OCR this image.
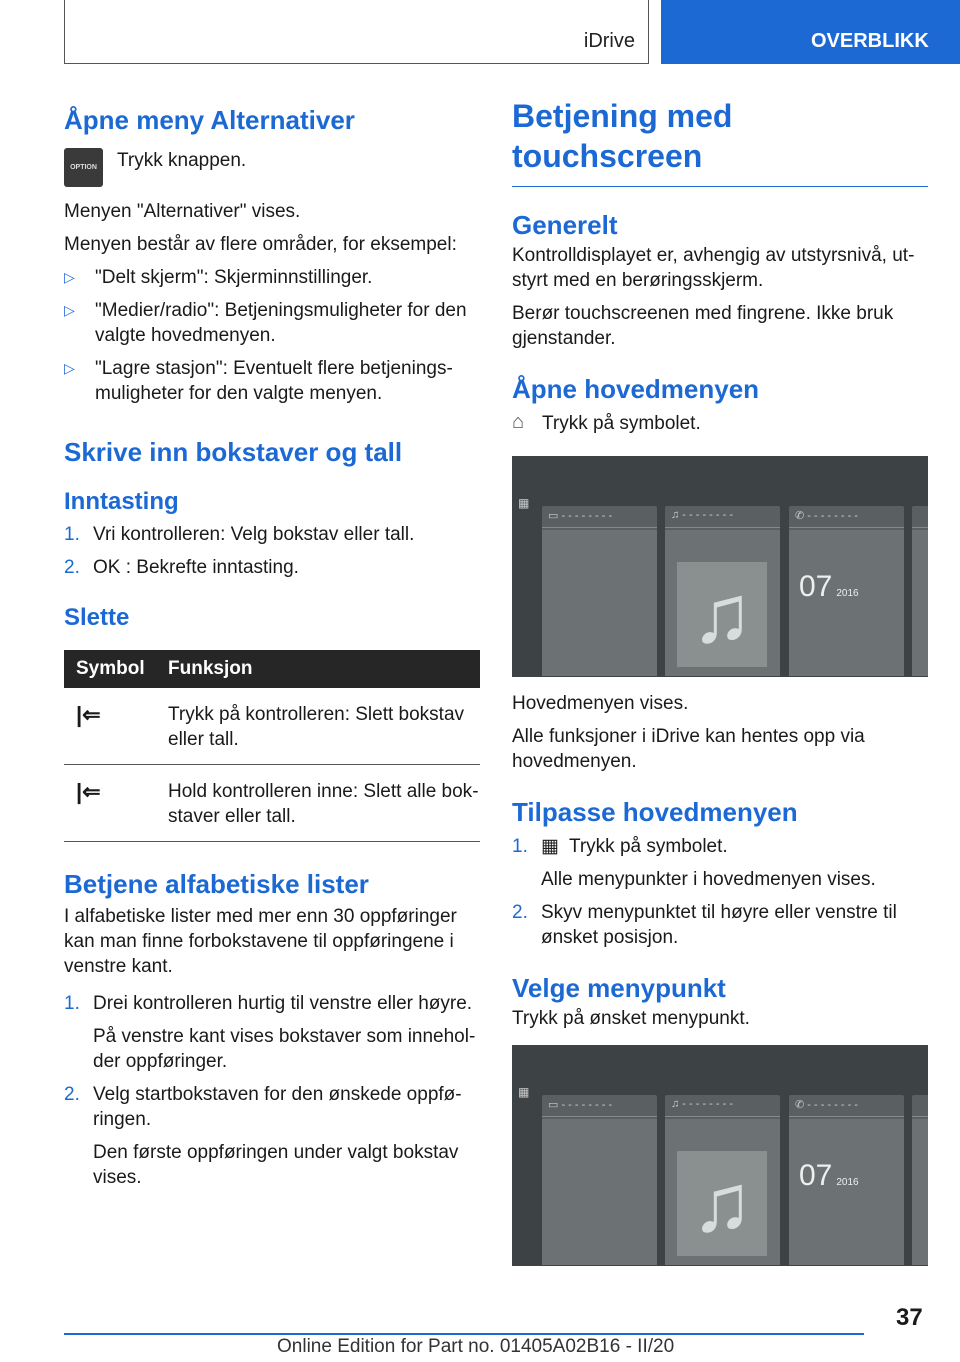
iDrive	OVERBLIKK
Åpne meny Alternativer
OPTION	Trykk knappen.

Menyen "Alternativer" vises.

Menyen består av flere områder, for eksempel:

▷	"Delt skjerm": Skjerminnstillinger.
▷	"Medier/radio": Betjeningsmuligheter for den valgte hovedmenyen.
▷	"Lagre stasjon": Eventuelt flere betjeningsmuligheter for den valgte menyen.
Skrive inn bokstaver og tall
Inntasting
1. Vri kontrolleren: Velg bokstav eller tall.
2. OK : Bekrefte inntasting.
Slette
Symbol	Funksjon
|⇐	Trykk på kontrolleren: Slett bokstav eller tall.
|⇐	Hold kontrolleren inne: Slett alle bokstaver eller tall.
Betjene alfabetiske lister

I alfabetiske lister med mer enn 30 oppføringer kan man finne forbokstavene til oppføringene i venstre kant.

1. Drei kontrolleren hurtig til venstre eller høyre.
På venstre kant vises bokstaver som inneholder oppføringer.
2. Velg startbokstaven for den ønskede oppføringen.
Den første oppføringen under valgt bokstav vises.
Betjening med touchscreen
Generelt

Kontrolldisplayet er, avhengig av utstyrsnivå, utstyrt med en berøringsskjerm.

Berør touchscreenen med fingrene. Ikke bruk gjenstander.

Åpne hovedmenyen
⌂ Trykk på symbolet.

▦
▭ - - - - - - - -	♫ - - - - - - - -
♫
✆ - - - - - - - -
07 2016

Hovedmenyen vises.

Alle funksjoner i iDrive kan hentes opp via hovedmenyen.

Tilpasse hovedmenyen
1. ▦ Trykk på symbolet.
Alle menypunkter i hovedmenyen vises.
2. Skyv menypunktet til høyre eller venstre til ønsket posisjon.
Velge menypunkt

Trykk på ønsket menypunkt.

▦
▭ - - - - - - - -	♫ - - - - - - - -
♫
✆ - - - - - - - -
07 2016
37
Online Edition for Part no. 01405A02B16 - II/20
